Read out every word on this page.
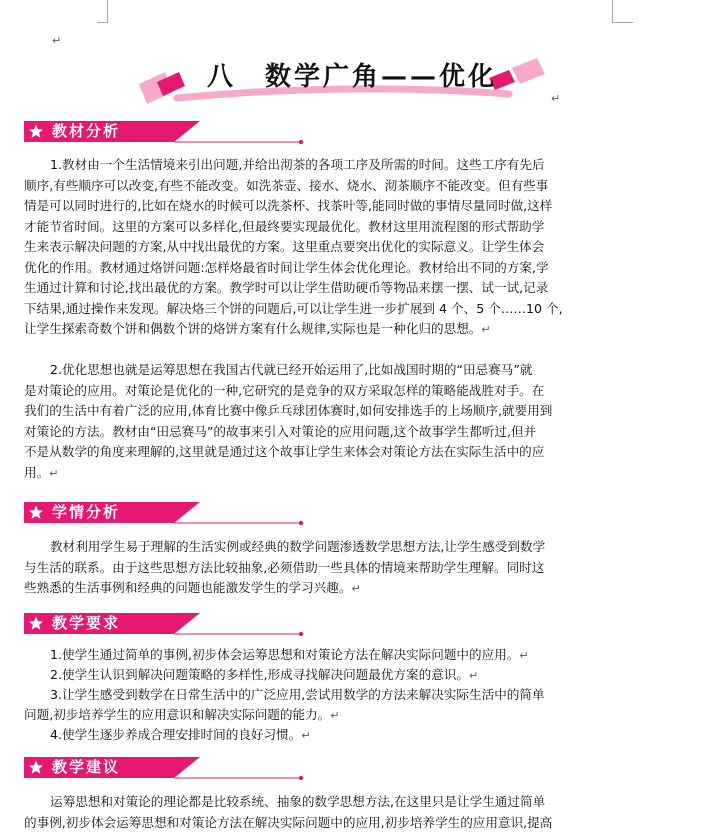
↵
八　数学广角——优化
↵
教材分析
1.教材由一个生活情境来引出问题,并给出沏茶的各项工序及所需的时间。这些工序有先后
顺序,有些顺序可以改变,有些不能改变。如洗茶壶、接水、烧水、沏茶顺序不能改变。但有些事
情是可以同时进行的,比如在烧水的时候可以洗茶杯、找茶叶等,能同时做的事情尽量同时做,这样
才能节省时间。这里的方案可以多样化,但最终要实现最优化。教材这里用流程图的形式帮助学
生来表示解决问题的方案,从中找出最优的方案。这里重点要突出优化的实际意义。让学生体会
优化的作用。教材通过烙饼问题:怎样烙最省时间让学生体会优化理论。教材给出不同的方案,学
生通过计算和讨论,找出最优的方案。教学时可以让学生借助硬币等物品来摆一摆、试一试,记录
下结果,通过操作来发现。解决烙三个饼的问题后,可以让学生进一步扩展到 4 个、5 个……10 个,
让学生探索奇数个饼和偶数个饼的烙饼方案有什么规律,实际也是一种化归的思想。↵
2.优化思想也就是运筹思想在我国古代就已经开始运用了,比如战国时期的“田忌赛马”就
是对策论的应用。对策论是优化的一种,它研究的是竞争的双方采取怎样的策略能战胜对手。在
我们的生活中有着广泛的应用,体育比赛中像乒乓球团体赛时,如何安排选手的上场顺序,就要用到
对策论的方法。教材由“田忌赛马”的故事来引入对策论的应用问题,这个故事学生都听过,但并
不是从数学的角度来理解的,这里就是通过这个故事让学生来体会对策论方法在实际生活中的应
用。↵
学情分析
教材利用学生易于理解的生活实例或经典的数学问题渗透数学思想方法,让学生感受到数学
与生活的联系。由于这些思想方法比较抽象,必须借助一些具体的情境来帮助学生理解。同时这
些熟悉的生活事例和经典的问题也能激发学生的学习兴趣。↵
教学要求
1.使学生通过简单的事例,初步体会运筹思想和对策论方法在解决实际问题中的应用。↵
2.使学生认识到解决问题策略的多样性,形成寻找解决问题最优方案的意识。↵
3.让学生感受到数学在日常生活中的广泛应用,尝试用数学的方法来解决实际生活中的简单
问题,初步培养学生的应用意识和解决实际问题的能力。↵
4.使学生逐步养成合理安排时间的良好习惯。↵
教学建议
运筹思想和对策论的理论都是比较系统、抽象的数学思想方法,在这里只是让学生通过简单
的事例,初步体会运筹思想和对策论方法在解决实际问题中的应用,初步培养学生的应用意识,提高
